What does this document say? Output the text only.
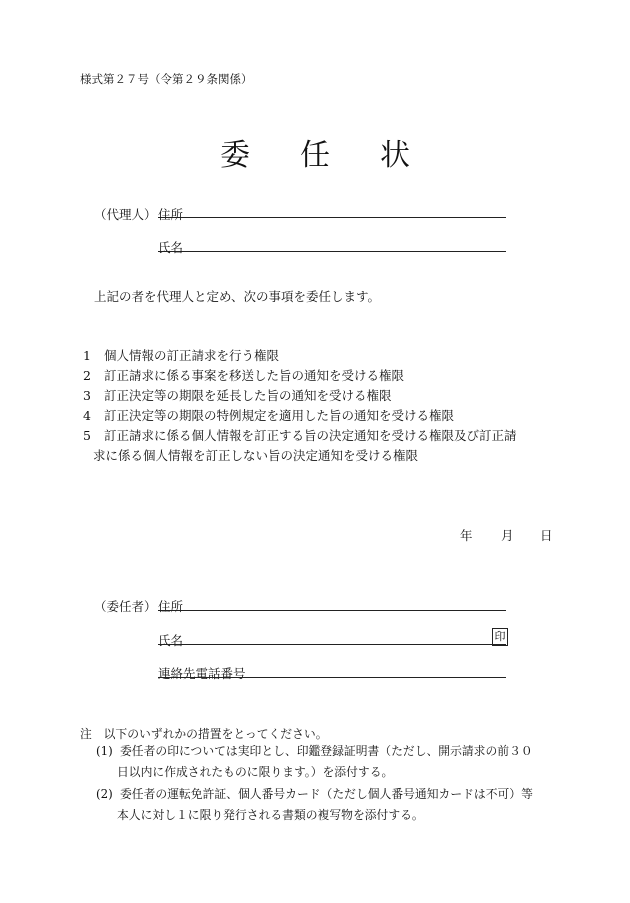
様式第２７号（令第２９条関係）
委任状
（代理人） 住所
氏名
上記の者を代理人と定め、次の事項を委任します。
1 個人情報の訂正請求を行う権限
2 訂正請求に係る事案を移送した旨の通知を受ける権限
3 訂正決定等の期限を延長した旨の通知を受ける権限
4 訂正決定等の期限の特例規定を適用した旨の通知を受ける権限
5 訂正請求に係る個人情報を訂正する旨の決定通知を受ける権限及び訂正請
求に係る個人情報を訂正しない旨の決定通知を受ける権限
年 月 日
（委任者） 住所
氏名	印
連絡先電話番号
注　以下のいずれかの措置をとってください。
(1) 委任者の印については実印とし、印鑑登録証明書（ただし、開示請求の前３０
日以内に作成されたものに限ります。）を添付する。
(2) 委任者の運転免許証、個人番号カード（ただし個人番号通知カードは不可）等
本人に対し１に限り発行される書類の複写物を添付する。
